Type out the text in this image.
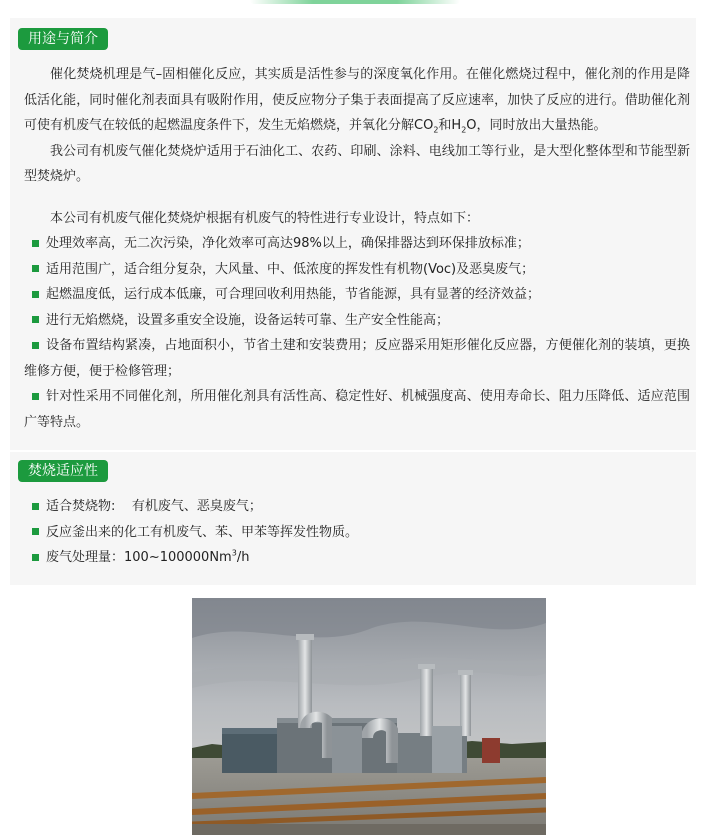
用途与简介

催化焚烧机理是气–固相催化反应，其实质是活性参与的深度氧化作用。在催化燃烧过程中，催化剂的作用是降低活化能，同时催化剂表面具有吸附作用，使反应物分子集于表面提高了反应速率，加快了反应的进行。借助催化剂可使有机废气在较低的起燃温度条件下，发生无焰燃烧，并氧化分解$CO_2$和$H_2O$，同时放出大量热能。

我公司有机废气催化焚烧炉适用于石油化工、农药、印刷、涂料、电线加工等行业，是大型化整体型和节能型新型焚烧炉。

本公司有机废气催化焚烧炉根据有机废气的特性进行专业设计，特点如下：

处理效率高，无二次污染，净化效率可高达98%以上，确保排器达到环保排放标准；

适用范围广，适合组分复杂，大风量、中、低浓度的挥发性有机物(Voc)及恶臭废气；

起燃温度低，运行成本低廉，可合理回收利用热能，节省能源，具有显著的经济效益；

进行无焰燃烧，设置多重安全设施，设备运转可靠、生产安全性能高；

设备布置结构紧凑，占地面积小，节省土建和安装费用；反应器采用矩形催化反应器，方便催化剂的装填，更换维修方便，便于检修管理；

针对性采用不同催化剂，所用催化剂具有活性高、稳定性好、机械强度高、使用寿命长、阻力压降低、适应范围广等特点。

焚烧适应性

适合焚烧物:    有机废气、恶臭废气；

反应釜出来的化工有机废气、苯、甲苯等挥发性物质。

废气处理量：100~100000Nm$^3$/h
